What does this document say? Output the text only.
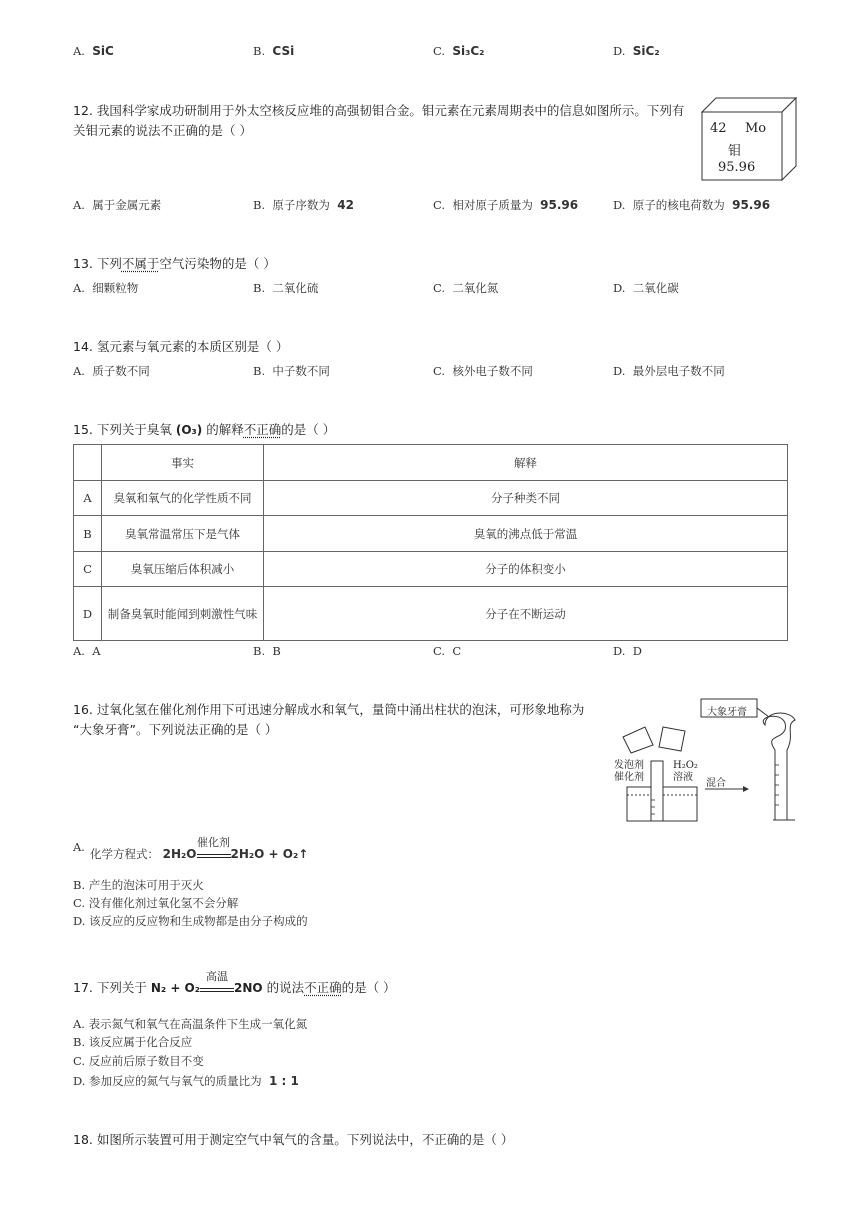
A. SiC	B. CSi	C. Si₃C₂	D. SiC₂
12. 我国科学家成功研制用于外太空核反应堆的高强韧钼合金。钼元素在元素周期表中的信息如图所示。下列有
关钼元素的说法不正确的是（ ）	42 Mo
钼
95.96
A. 属于金属元素	B. 原子序数为 42	C. 相对原子质量为 95.96	D. 原子的核电荷数为 95.96
13. 下列不属于空气污染物的是（ ）
A. 细颗粒物	B. 二氧化硫	C. 二氧化氮	D. 二氧化碳
14. 氢元素与氧元素的本质区别是（ ）
A. 质子数不同	B. 中子数不同	C. 核外电子数不同	D. 最外层电子数不同
15. 下列关于臭氧 (O₃) 的解释不正确的是（ ）
	事实	解释
A	臭氧和氧气的化学性质不同	分子种类不同
B	臭氧常温常压下是气体	臭氧的沸点低于常温
C	臭氧压缩后体积减小	分子的体积变小
D	制备臭氧时能闻到刺激性气味	分子在不断运动
A. A	B. B	C. C	D. D
16. 过氧化氢在催化剂作用下可迅速分解成水和氧气，量筒中涌出柱状的泡沫，可形象地称为
“大象牙膏”。下列说法正确的是（ ）
大象牙膏
发泡剂
催化剂
H₂O₂
溶液
混合
A. 化学方程式： 2H₂O
催化剂
2H₂O + O₂↑
B. 产生的泡沫可用于灭火
C. 没有催化剂过氧化氢不会分解
D. 该反应的反应物和生成物都是由分子构成的
17. 下列关于 N₂ + O₂
高温
2NO 的说法不正确的是（ ）
A. 表示氮气和氧气在高温条件下生成一氧化氮
B. 该反应属于化合反应
C. 反应前后原子数目不变
D. 参加反应的氮气与氧气的质量比为 1 : 1
18. 如图所示装置可用于测定空气中氧气的含量。下列说法中，不正确的是（ ）
